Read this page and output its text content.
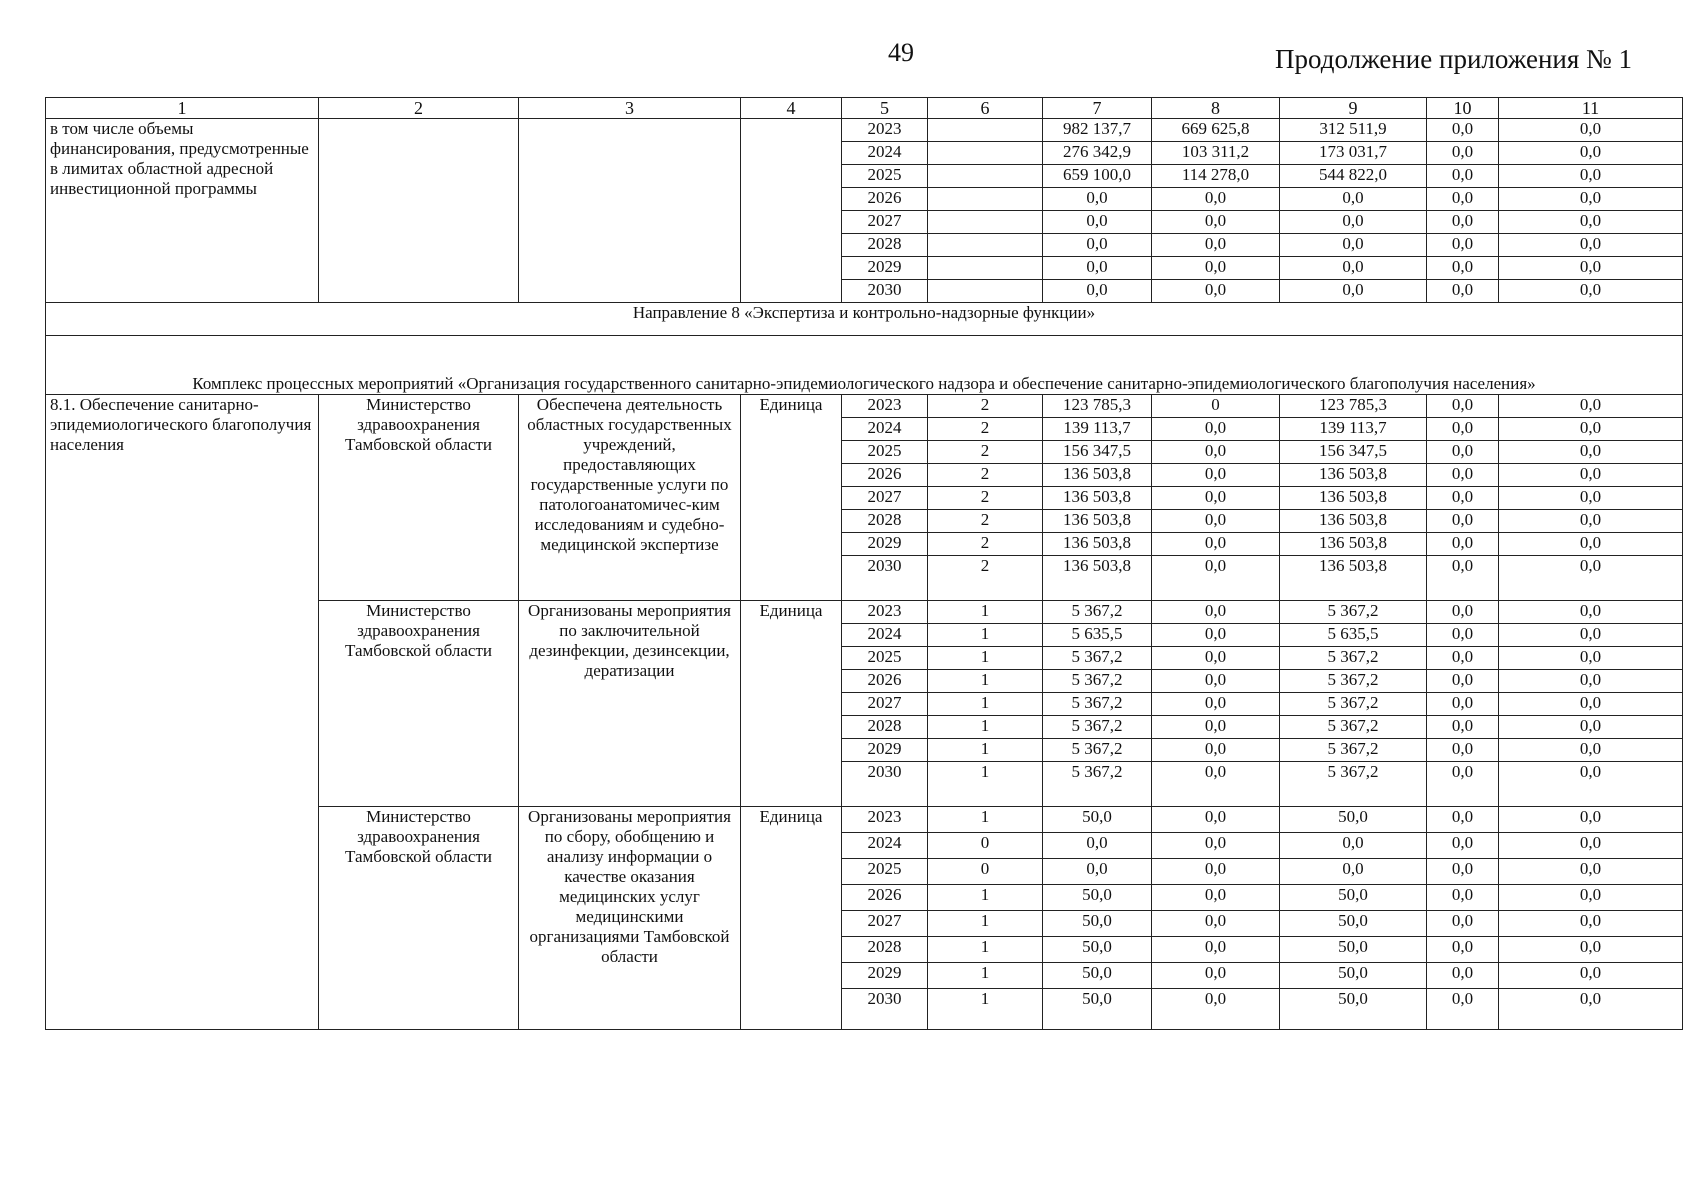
49	Продолжение приложения № 1
1	2	3	4	5	6	7	8	9	10	11
в том числе объемы финансирования, предусмотренные в лимитах областной адресной инвестиционной программы				2023		982 137,7	669 625,8	312 511,9	0,0	0,0
				2024		276 342,9	103 311,2	173 031,7	0,0	0,0
				2025		659 100,0	114 278,0	544 822,0	0,0	0,0
				2026		0,0	0,0	0,0	0,0	0,0
				2027		0,0	0,0	0,0	0,0	0,0
				2028		0,0	0,0	0,0	0,0	0,0
				2029		0,0	0,0	0,0	0,0	0,0
				2030		0,0	0,0	0,0	0,0	0,0
Направление 8 «Экспертиза и контрольно-надзорные функции»										
Комплекс процессных мероприятий «Организация государственного санитарно-эпидемиологического надзора и обеспечение санитарно-эпидемиологического благополучия населения»										
8.1. Обеспечение санитарно-эпидемиологического благополучия населения	Министерство здравоохранения Тамбовской области	Обеспечена деятельность областных государственных учреждений, предоставляющих государственные услуги по патологоанатомичес-ким исследованиям и судебно-медицинской экспертизе	Единица	2023	2	123 785,3	0	123 785,3	0,0	0,0
				2024	2	139 113,7	0,0	139 113,7	0,0	0,0
				2025	2	156 347,5	0,0	156 347,5	0,0	0,0
				2026	2	136 503,8	0,0	136 503,8	0,0	0,0
				2027	2	136 503,8	0,0	136 503,8	0,0	0,0
				2028	2	136 503,8	0,0	136 503,8	0,0	0,0
				2029	2	136 503,8	0,0	136 503,8	0,0	0,0
				2030	2	136 503,8	0,0	136 503,8	0,0	0,0
	Министерство здравоохранения Тамбовской области	Организованы мероприятия по заключительной дезинфекции, дезинсекции, дератизации	Единица	2023	1	5 367,2	0,0	5 367,2	0,0	0,0
				2024	1	5 635,5	0,0	5 635,5	0,0	0,0
				2025	1	5 367,2	0,0	5 367,2	0,0	0,0
				2026	1	5 367,2	0,0	5 367,2	0,0	0,0
				2027	1	5 367,2	0,0	5 367,2	0,0	0,0
				2028	1	5 367,2	0,0	5 367,2	0,0	0,0
				2029	1	5 367,2	0,0	5 367,2	0,0	0,0
				2030	1	5 367,2	0,0	5 367,2	0,0	0,0
	Министерство здравоохранения Тамбовской области	Организованы мероприятия по сбору, обобщению и анализу информации о качестве оказания медицинских услуг медицинскими организациями Тамбовской области	Единица	2023	1	50,0	0,0	50,0	0,0	0,0
				2024	0	0,0	0,0	0,0	0,0	0,0
				2025	0	0,0	0,0	0,0	0,0	0,0
				2026	1	50,0	0,0	50,0	0,0	0,0
				2027	1	50,0	0,0	50,0	0,0	0,0
				2028	1	50,0	0,0	50,0	0,0	0,0
				2029	1	50,0	0,0	50,0	0,0	0,0
				2030	1	50,0	0,0	50,0	0,0	0,0
